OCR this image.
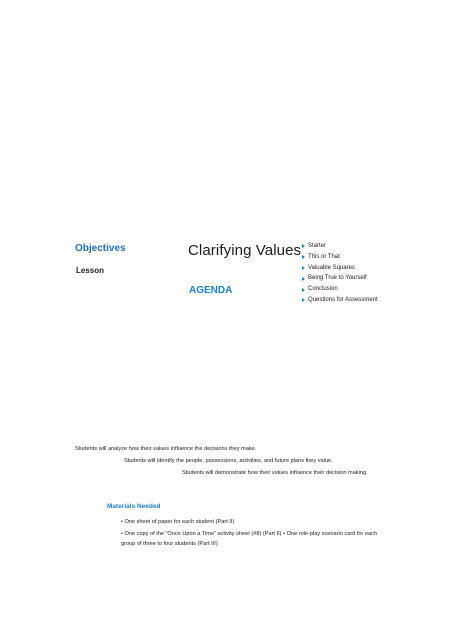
Objectives
Lesson
Clarifying Values
AGENDA
Starter
This or That
Valuable Squares
Being True to Yourself
Conclusion
Questions for Assessment
Students will analyze how their values influence the decisions they make.
Students will identify the people, possessions, activities, and future plans they value.
Students will demonstrate how their values influence their decision making.
Materials Needed
• One sheet of paper for each student (Part II)
• One copy of the “Once Upon a Time” activity sheet (#8) (Part II) • One role-play scenario card for each
group of three to four students (Part III)
